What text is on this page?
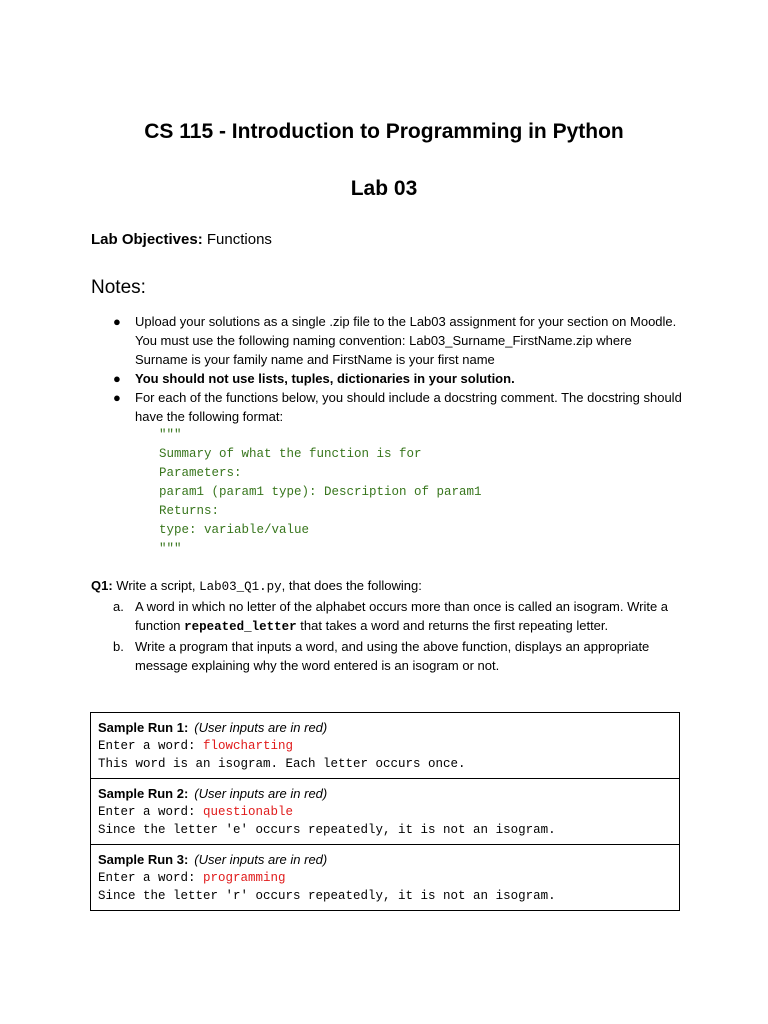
CS 115 - Introduction to Programming in Python
Lab 03
Lab Objectives: Functions
Notes:
● Upload your solutions as a single .zip file to the Lab03 assignment for your section on Moodle. You must use the following naming convention: Lab03_Surname_FirstName.zip where Surname is your family name and FirstName is your first name
● You should not use lists, tuples, dictionaries in your solution.
● For each of the functions below, you should include a docstring comment. The docstring should have the following format:
"""
Summary of what the function is for
Parameters:
param1 (param1 type): Description of param1
Returns:
type: variable/value
"""
Q1: Write a script, Lab03_Q1.py, that does the following:
a. A word in which no letter of the alphabet occurs more than once is called an isogram. Write a function repeated_letter that takes a word and returns the first repeating letter.
b. Write a program that inputs a word, and using the above function, displays an appropriate message explaining why the word entered is an isogram or not.
Sample Run 1: (User inputs are in red)
Enter a word: flowcharting
This word is an isogram. Each letter occurs once.
Sample Run 2: (User inputs are in red)
Enter a word: questionable
Since the letter 'e' occurs repeatedly, it is not an isogram.
Sample Run 3: (User inputs are in red)
Enter a word: programming
Since the letter 'r' occurs repeatedly, it is not an isogram.
